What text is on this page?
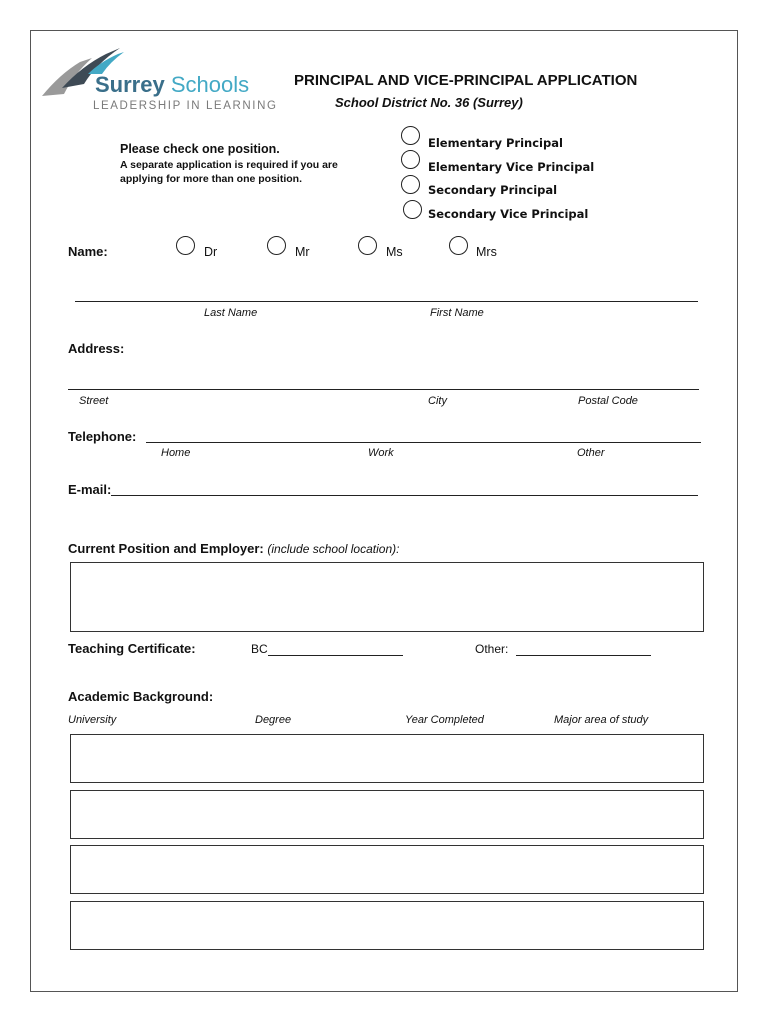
Surrey Schools
LEADERSHIP IN LEARNING
PRINCIPAL AND VICE-PRINCIPAL APPLICATION
School District No. 36 (Surrey)
Please check one position.
A separate application is required if you are applying for more than one position.
Elementary Principal
Elementary Vice Principal
Secondary Principal
Secondary Vice Principal
Name:	Dr	Mr	Ms	Mrs
Last Name	First Name
Address:
Street	City	Postal Code
Telephone:
Home	Work	Other
E-mail:
Current Position and Employer: (include school location):
Teaching Certificate:	BC	Other:
Academic Background:
University	Degree	Year Completed	Major area of study
